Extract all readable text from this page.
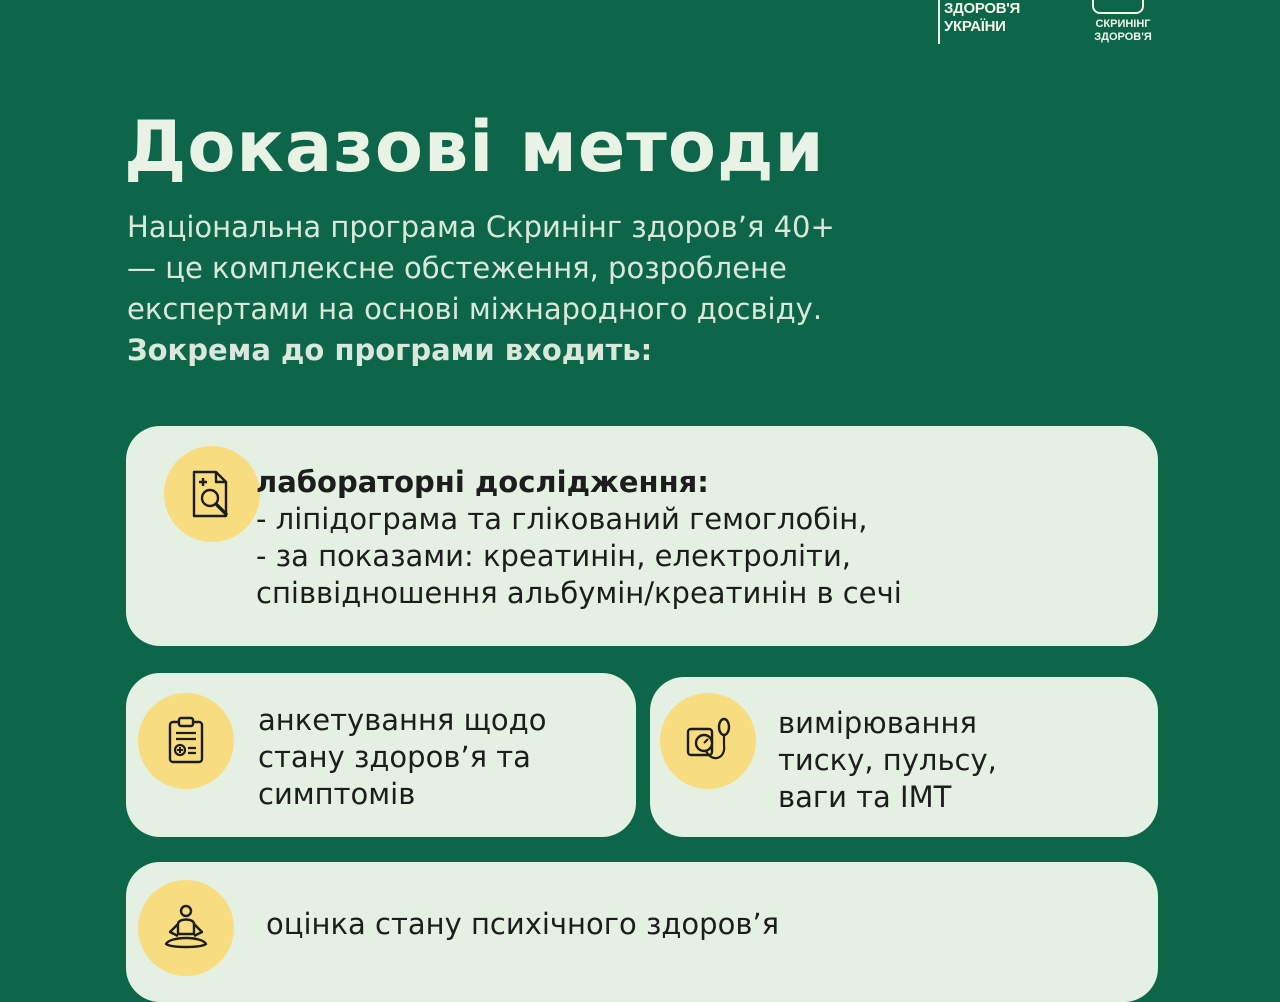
ЗДОРОВ'Я
УКРАЇНИ	СКРИНІНГ
ЗДОРОВ'Я
Доказові методи
Національна програма Скринінг здоров’я 40+
— це комплексне обстеження, розроблене
експертами на основі міжнародного досвіду.
Зокрема до програми входить:
лабораторні дослідження:
- ліпідограма та глікований гемоглобін,
- за показами: креатинін, електроліти,
співвідношення альбумін/креатинін в сечі
анкетування щодо
стану здоров’я та
симптомів
вимірювання
тиску, пульсу,
ваги та ІМТ
оцінка стану психічного здоров’я
